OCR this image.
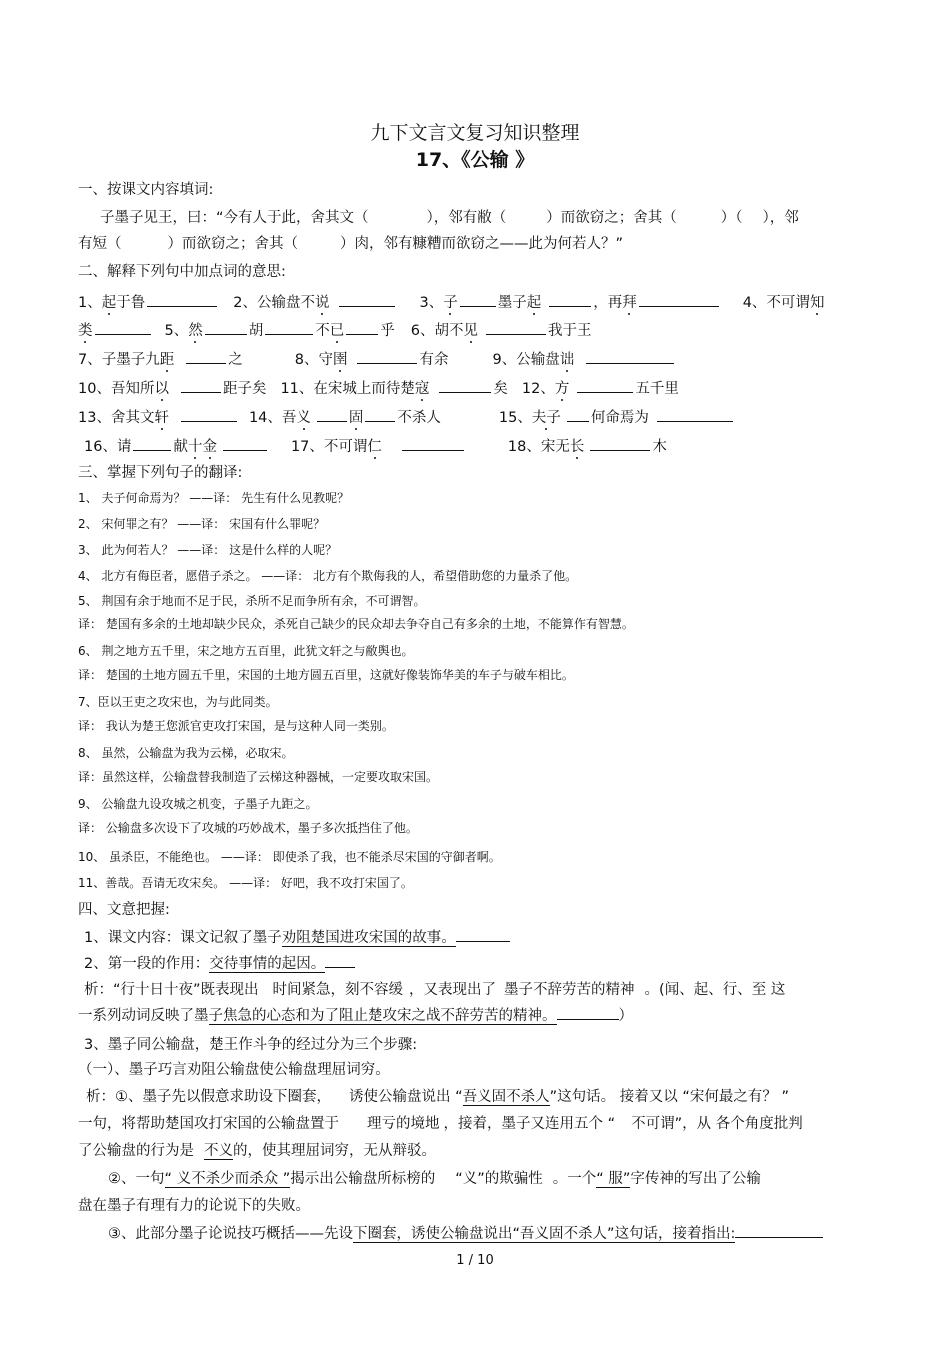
九下文言文复习知识整理
17、《公输 》
一、按课文内容填词:
子墨子见王，曰：“今有人于此，舍其文（	），邻有敝（	）而欲窃之；舍其（	）（ ），邻
有短（	）而欲窃之；舍其（	）肉，邻有糠糟而欲窃之——此为何若人？”
二、解释下列句中加点词的意思:
1、起于鲁	2、公输盘不说	3、子	墨子起	，再拜	4、不可谓知
类	5、然	胡	不已 乎 6、胡不见	我于王
7、子墨子九距	之	8、守圉	有余	9、公输盘诎
10、吾知所以	距子矣 11、在宋城上而待楚寇	矣 12、方	五千里
13、舍其文轩	14、吾义	固 不杀人	15、夫子 何命焉为
16、请	献十金	17、不可谓仁	18、宋无长	木
三、掌握下列句子的翻译:
1、 夫子何命焉为？ ——译： 先生有什么见教呢？
2、 宋何罪之有？ ——译： 宋国有什么罪呢？
3、 此为何若人？ ——译： 这是什么样的人呢？
4、 北方有侮臣者，愿借子杀之。 ——译： 北方有个欺侮我的人，希望借助您的力量杀了他。
5、 荆国有余于地而不足于民，杀所不足而争所有余，不可谓智。
译： 楚国有多余的土地却缺少民众，杀死自己缺少的民众却去争夺自己有多余的土地，不能算作有智慧。
6、 荆之地方五千里，宋之地方五百里，此犹文轩之与敝舆也。
译： 楚国的土地方圆五千里，宋国的土地方圆五百里，这就好像装饰华美的车子与破车相比。
7、臣以王吏之攻宋也，为与此同类。
译： 我认为楚王您派官吏攻打宋国，是与这种人同一类别。
8、 虽然，公输盘为我为云梯，必取宋。
译：虽然这样，公输盘替我制造了云梯这种器械，一定要攻取宋国。
9、 公输盘九设攻城之机变，子墨子九距之。
译： 公输盘多次设下了攻城的巧妙战术，墨子多次抵挡住了他。
10、 虽杀臣，不能绝也。 ——译： 即使杀了我，也不能杀尽宋国的守御者啊。
11、善哉。吾请无攻宋矣。 ——译： 好吧，我不攻打宋国了。
四、文意把握:
1、课文内容：课文记叙了墨子劝阻楚国进攻宋国的故事。
2、第一段的作用：交待事情的起因。
析：“行十日十夜”既表现出 时间紧急，刻不容缓 ，又表现出了 墨子不辞劳苦的精神 。(闻、起、行、至 这
一系列动词反映了墨子焦急的心态和为了阻止楚攻宋之战不辞劳苦的精神。	）
3、墨子同公输盘，楚王作斗争的经过分为三个步骤:
（一）、墨子巧言劝阻公输盘使公输盘理屈词穷。
析：①、墨子先以假意求助设下圈套， 诱使公输盘说出 “吾义固不杀人”这句话。 接着又以 “宋何最之有？ ”
一句，将帮助楚国攻打宋国的公输盘置于 理亏的境地 ，接着，墨子又连用五个 “ 不可谓”，从 各个角度批判
了公输盘的行为是 不义的，使其理屈词穷，无从辩驳。
②、一句“ 义不杀少而杀众 ”揭示出公输盘所标榜的 “义”的欺骗性 。一个“ 服”字传神的写出了公输
盘在墨子有理有力的论说下的失败。
③、此部分墨子论说技巧概括——先设下圈套，诱使公输盘说出“吾义固不杀人”这句话，接着指出:
1 / 10
